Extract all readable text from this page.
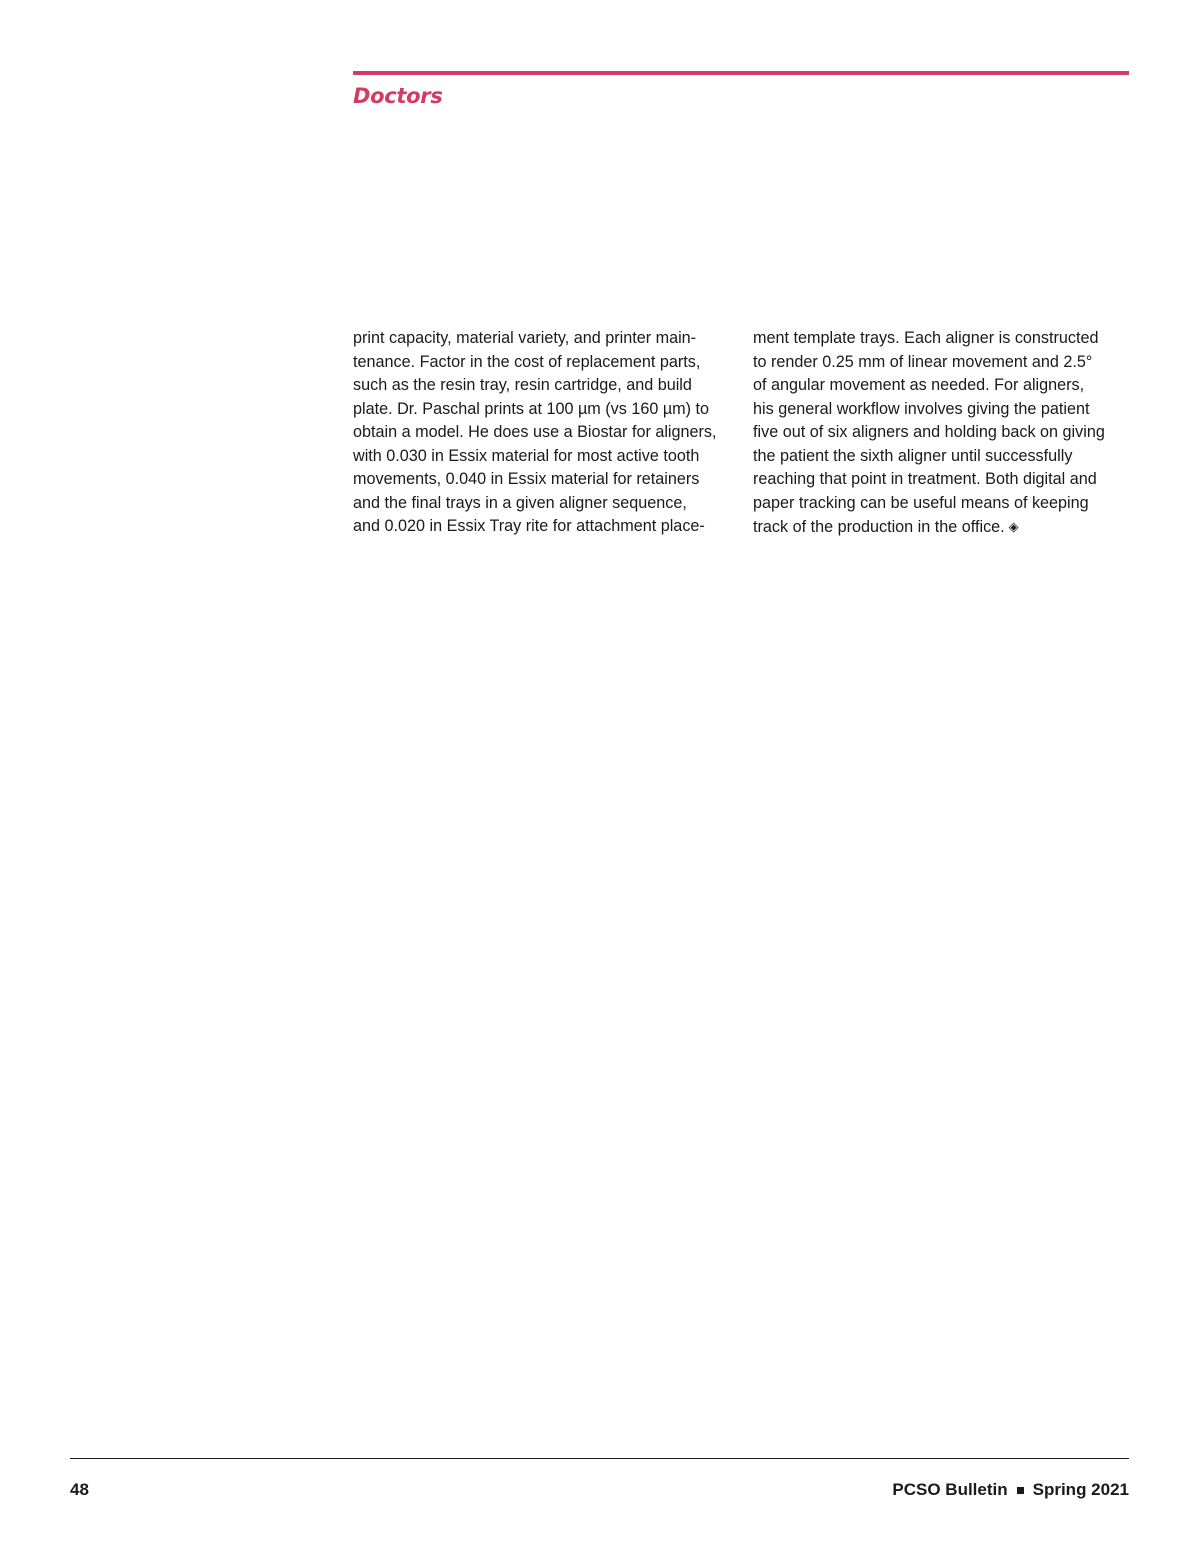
Doctors
print capacity, material variety, and printer main-
tenance. Factor in the cost of replacement parts,
such as the resin tray, resin cartridge, and build
plate. Dr. Paschal prints at 100 µm (vs 160 µm) to
obtain a model. He does use a Biostar for aligners,
with 0.030 in Essix material for most active tooth
movements, 0.040 in Essix material for retainers
and the final trays in a given aligner sequence,
and 0.020 in Essix Tray rite for attachment place-
ment template trays. Each aligner is constructed
to render 0.25 mm of linear movement and 2.5°
of angular movement as needed. For aligners,
his general workflow involves giving the patient
five out of six aligners and holding back on giving
the patient the sixth aligner until successfully
reaching that point in treatment. Both digital and
paper tracking can be useful means of keeping
track of the production in the office. ◈
48	PCSO Bulletin Spring 2021
